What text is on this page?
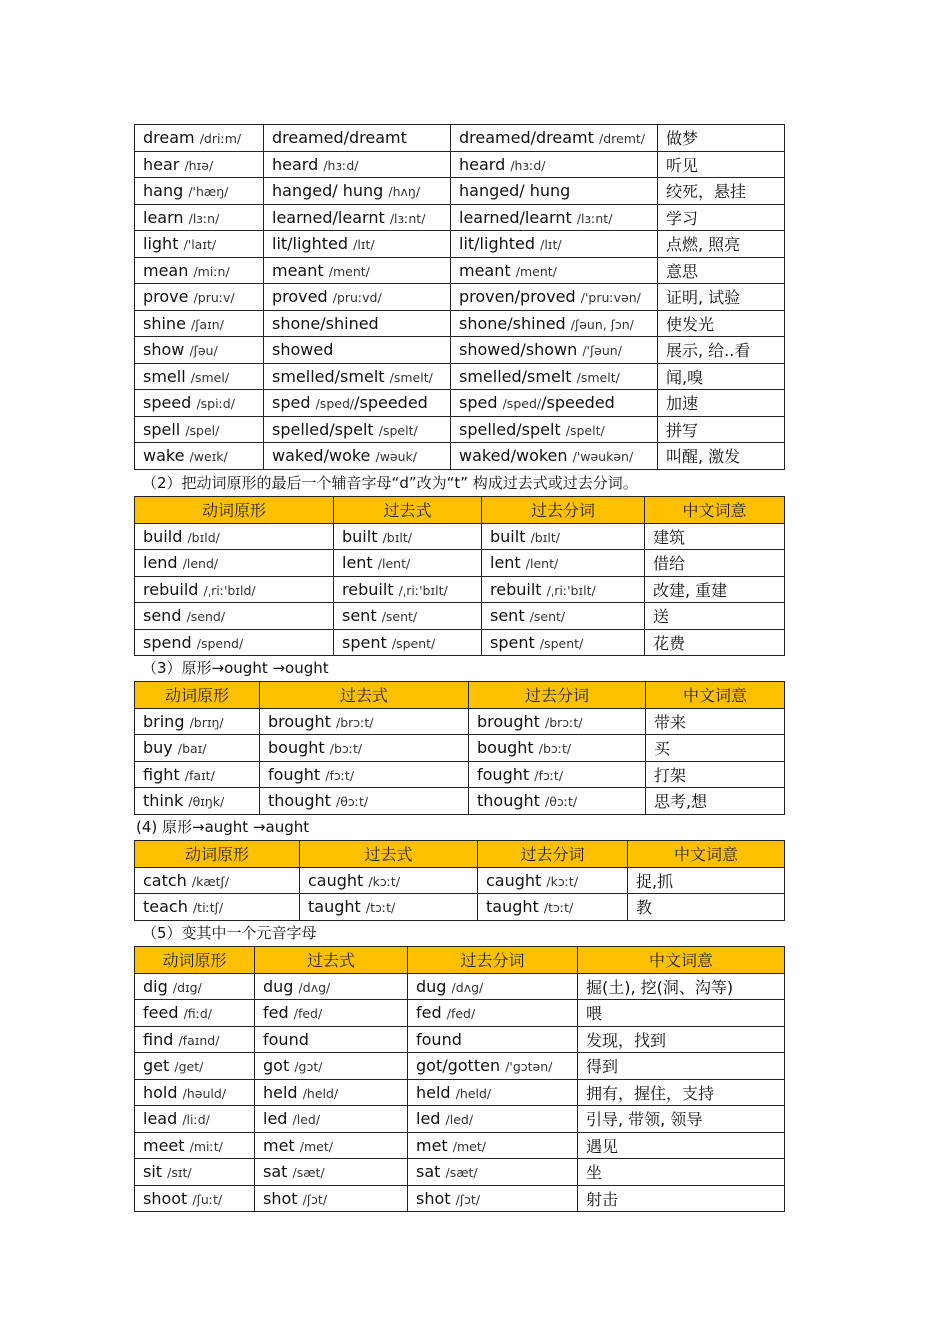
dream /driːm/	dreamed/dreamt	dreamed/dreamt /dremt/	做梦
hear /hɪə/	heard /hɜːd/	heard /hɜːd/	听见
hang /'hæŋ/	hanged/ hung /hʌŋ/	hanged/ hung	绞死，悬挂
learn /lɜːn/	learned/learnt /lɜːnt/	learned/learnt /lɜːnt/	学习
light /'laɪt/	lit/lighted /lɪt/	lit/lighted /lɪt/	点燃, 照亮
mean /miːn/	meant /ment/	meant /ment/	意思
prove /pruːv/	proved /pruːvd/	proven/proved /'pruːvən/	证明, 试验
shine /ʃaɪn/	shone/shined	shone/shined /ʃəun, ʃɔn/	使发光
show /ʃəu/	showed	showed/shown /'ʃəun/	展示, 给..看
smell /smel/	smelled/smelt /smelt/	smelled/smelt /smelt/	闻,嗅
speed /spiːd/	sped /sped//speeded	sped /sped//speeded	加速
spell /spel/	spelled/spelt /spelt/	spelled/spelt /spelt/	拼写
wake /weɪk/	waked/woke /wəuk/	waked/woken /'wəukən/	叫醒, 激发
（2）把动词原形的最后一个辅音字母“d”改为“t” 构成过去式或过去分词。
动词原形	过去式	过去分词	中文词意
build /bɪld/	built /bɪlt/	built /bɪlt/	建筑
lend /lend/	lent /lent/	lent /lent/	借给
rebuild /ˌriː'bɪld/	rebuilt /ˌriː'bɪlt/	rebuilt /ˌriː'bɪlt/	改建, 重建
send /send/	sent /sent/	sent /sent/	送
spend /spend/	spent /spent/	spent /spent/	花费
（3）原形→ought →ought
动词原形	过去式	过去分词	中文词意
bring /brɪŋ/	brought /brɔːt/	brought /brɔːt/	带来
buy /baɪ/	bought /bɔːt/	bought /bɔːt/	买
fight /faɪt/	fought /fɔːt/	fought /fɔːt/	打架
think /θɪŋk/	thought /θɔːt/	thought /θɔːt/	思考,想
(4) 原形→aught →aught
动词原形	过去式	过去分词	中文词意
catch /kætʃ/	caught /kɔːt/	caught /kɔːt/	捉,抓
teach /tiːtʃ/	taught /tɔːt/	taught /tɔːt/	教
（5）变其中一个元音字母
动词原形	过去式	过去分词	中文词意
dig /dɪg/	dug /dʌg/	dug /dʌg/	掘(土), 挖(洞、沟等)
feed /fiːd/	fed /fed/	fed /fed/	喂
find /faɪnd/	found	found	发现，找到
get /get/	got /gɔt/	got/gotten /'gɔtən/	得到
hold /həuld/	held /held/	held /held/	拥有，握住，支持
lead /liːd/	led /led/	led /led/	引导, 带领, 领导
meet /miːt/	met /met/	met /met/	遇见
sit /sɪt/	sat /sæt/	sat /sæt/	坐
shoot /ʃuːt/	shot /ʃɔt/	shot /ʃɔt/	射击
